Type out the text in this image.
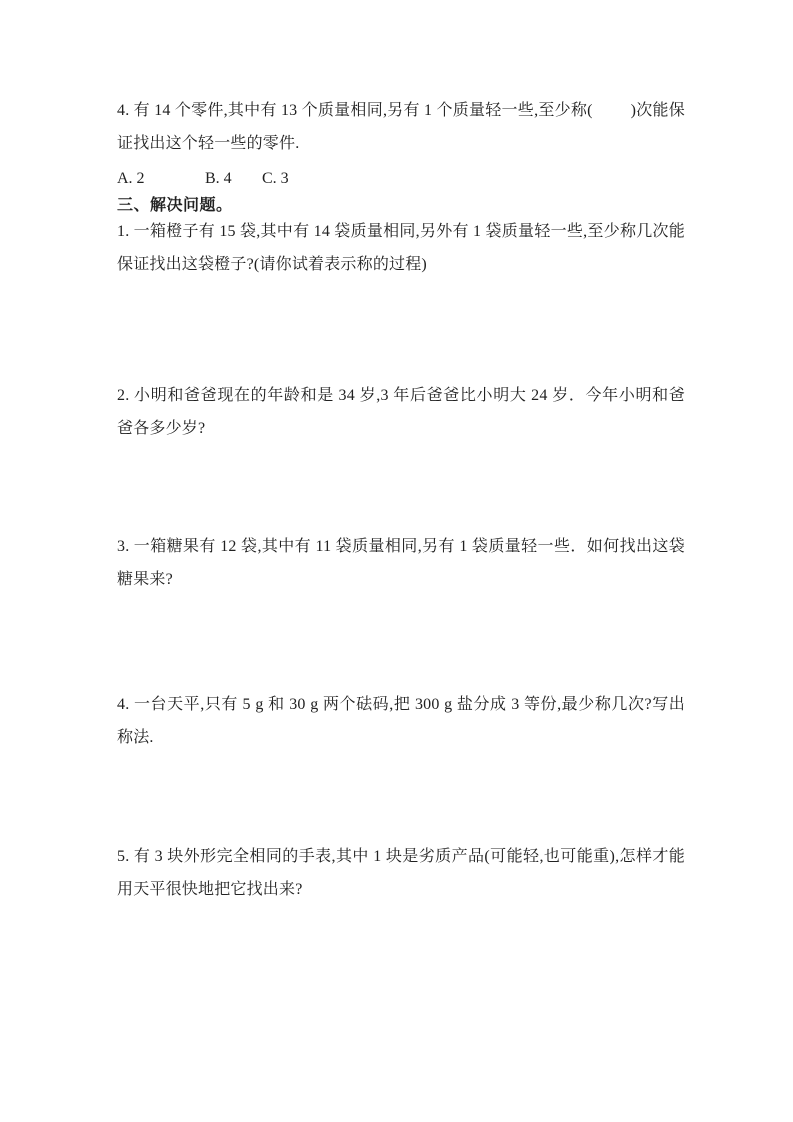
4. 有 14 个零件,其中有 13 个质量相同,另有 1 个质量轻一些,至少称( )次能保证找出这个轻一些的零件.

A. 2	B. 4 C. 3
三、解决问题。

1. 一箱橙子有 15 袋,其中有 14 袋质量相同,另外有 1 袋质量轻一些,至少称几次能保证找出这袋橙子?(请你试着表示称的过程)

2. 小明和爸爸现在的年龄和是 34 岁,3 年后爸爸比小明大 24 岁．今年小明和爸爸各多少岁?

3. 一箱糖果有 12 袋,其中有 11 袋质量相同,另有 1 袋质量轻一些．如何找出这袋糖果来?

4. 一台天平,只有 5 g 和 30 g 两个砝码,把 300 g 盐分成 3 等份,最少称几次?写出称法.

5. 有 3 块外形完全相同的手表,其中 1 块是劣质产品(可能轻,也可能重),怎样才能用天平很快地把它找出来?
